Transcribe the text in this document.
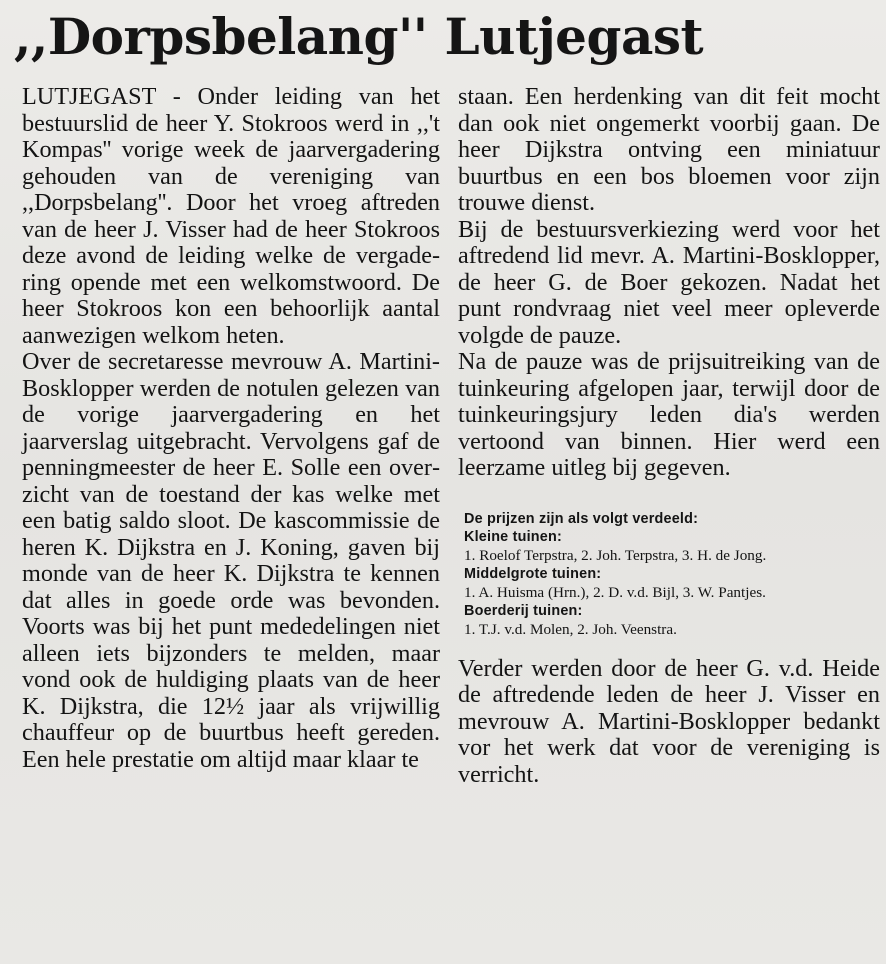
,,Dorpsbelang'' Lutjegast

LUTJEGAST - Onder leiding van het bestuurslid de heer Y. Stokroos werd in ,,'t Kompas'' vorige week de jaarvergadering gehouden van de vereniging van ,,Dorpsbelang''. Door het vroeg aftreden van de heer J. Visser had de heer Stokroos deze avond de leiding welke de vergadering opende met een welkomstwoord. De heer Stokroos kon een behoorlijk aantal aanwezigen welkom heten.

Over de secretaresse mevrouw A. Martini-Bosklopper werden de notulen gelezen van de vorige jaarvergadering en het jaarverslag uitgebracht. Vervolgens gaf de penningmeester de heer E. Solle een overzicht van de toestand der kas welke met een batig saldo sloot. De kascommissie de heren K. Dijkstra en J. Koning, gaven bij monde van de heer K. Dijkstra te kennen dat alles in goede orde was bevonden. Voorts was bij het punt mededelingen niet alleen iets bijzonders te melden, maar vond ook de huldiging plaats van de heer K. Dijkstra, die 12½ jaar als vrijwillig chauffeur op de buurtbus heeft gereden. Een hele prestatie om altijd maar klaar te

staan. Een herdenking van dit feit mocht dan ook niet ongemerkt voorbij gaan. De heer Dijkstra ontving een miniatuur buurtbus en een bos bloemen voor zijn trouwe dienst.

Bij de bestuursverkiezing werd voor het aftredend lid mevr. A. Martini-Bosklopper, de heer G. de Boer gekozen. Nadat het punt rondvraag niet veel meer opleverde volgde de pauze.

Na de pauze was de prijsuitreiking van de tuinkeuring afgelopen jaar, terwijl door de tuinkeuringsjury leden dia's werden vertoond van binnen. Hier werd een leerzame uitleg bij gegeven.

De prijzen zijn als volgt verdeeld:
Kleine tuinen:
1. Roelof Terpstra, 2. Joh. Terpstra, 3. H. de Jong.
Middelgrote tuinen:
1. A. Huisma (Hrn.), 2. D. v.d. Bijl, 3. W. Pantjes.
Boerderij tuinen:
1. T.J. v.d. Molen, 2. Joh. Veenstra.

Verder werden door de heer G. v.d. Heide de aftredende leden de heer J. Visser en mevrouw A. Martini-Bosklopper bedankt vor het werk dat voor de vereniging is verricht.
